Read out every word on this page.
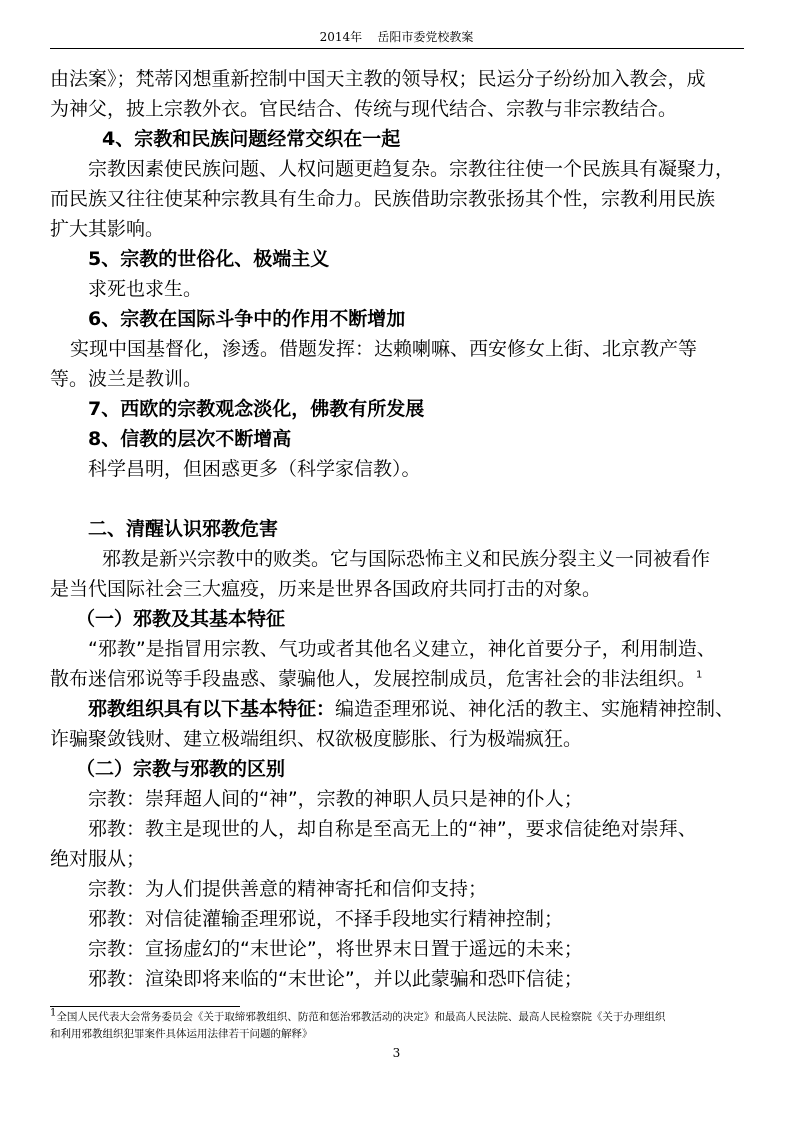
2014年 岳阳市委党校教案

由法案》；梵蒂冈想重新控制中国天主教的领导权；民运分子纷纷加入教会，成

为神父，披上宗教外衣。官民结合、传统与现代结合、宗教与非宗教结合。

4、宗教和民族问题经常交织在一起

宗教因素使民族问题、人权问题更趋复杂。宗教往往使一个民族具有凝聚力，

而民族又往往使某种宗教具有生命力。民族借助宗教张扬其个性，宗教利用民族

扩大其影响。

5、宗教的世俗化、极端主义

求死也求生。

6、宗教在国际斗争中的作用不断增加

实现中国基督化，渗透。借题发挥：达赖喇嘛、西安修女上街、北京教产等

等。波兰是教训。

7、西欧的宗教观念淡化，佛教有所发展

8、信教的层次不断增高

科学昌明，但困惑更多（科学家信教）。

二、清醒认识邪教危害

邪教是新兴宗教中的败类。它与国际恐怖主义和民族分裂主义一同被看作

是当代国际社会三大瘟疫，历来是世界各国政府共同打击的对象。

（一）邪教及其基本特征

“邪教”是指冒用宗教、气功或者其他名义建立，神化首要分子，利用制造、

散布迷信邪说等手段蛊惑、蒙骗他人，发展控制成员，危害社会的非法组织。$^1$

邪教组织具有以下基本特征：编造歪理邪说、神化活的教主、实施精神控制、

诈骗聚敛钱财、建立极端组织、权欲极度膨胀、行为极端疯狂。

（二）宗教与邪教的区别

宗教：崇拜超人间的“神”，宗教的神职人员只是神的仆人；

邪教：教主是现世的人，却自称是至高无上的“神”，要求信徒绝对崇拜、

绝对服从；

宗教：为人们提供善意的精神寄托和信仰支持；

邪教：对信徒灌输歪理邪说，不择手段地实行精神控制；

宗教：宣扬虚幻的“末世论”，将世界末日置于遥远的未来；

邪教：渲染即将来临的“末世论”，并以此蒙骗和恐吓信徒；

$^1$全国人民代表大会常务委员会《关于取缔邪教组织、防范和惩治邪教活动的决定》和最高人民法院、最高人民检察院《关于办理组织

和利用邪教组织犯罪案件具体运用法律若干问题的解释》

3
